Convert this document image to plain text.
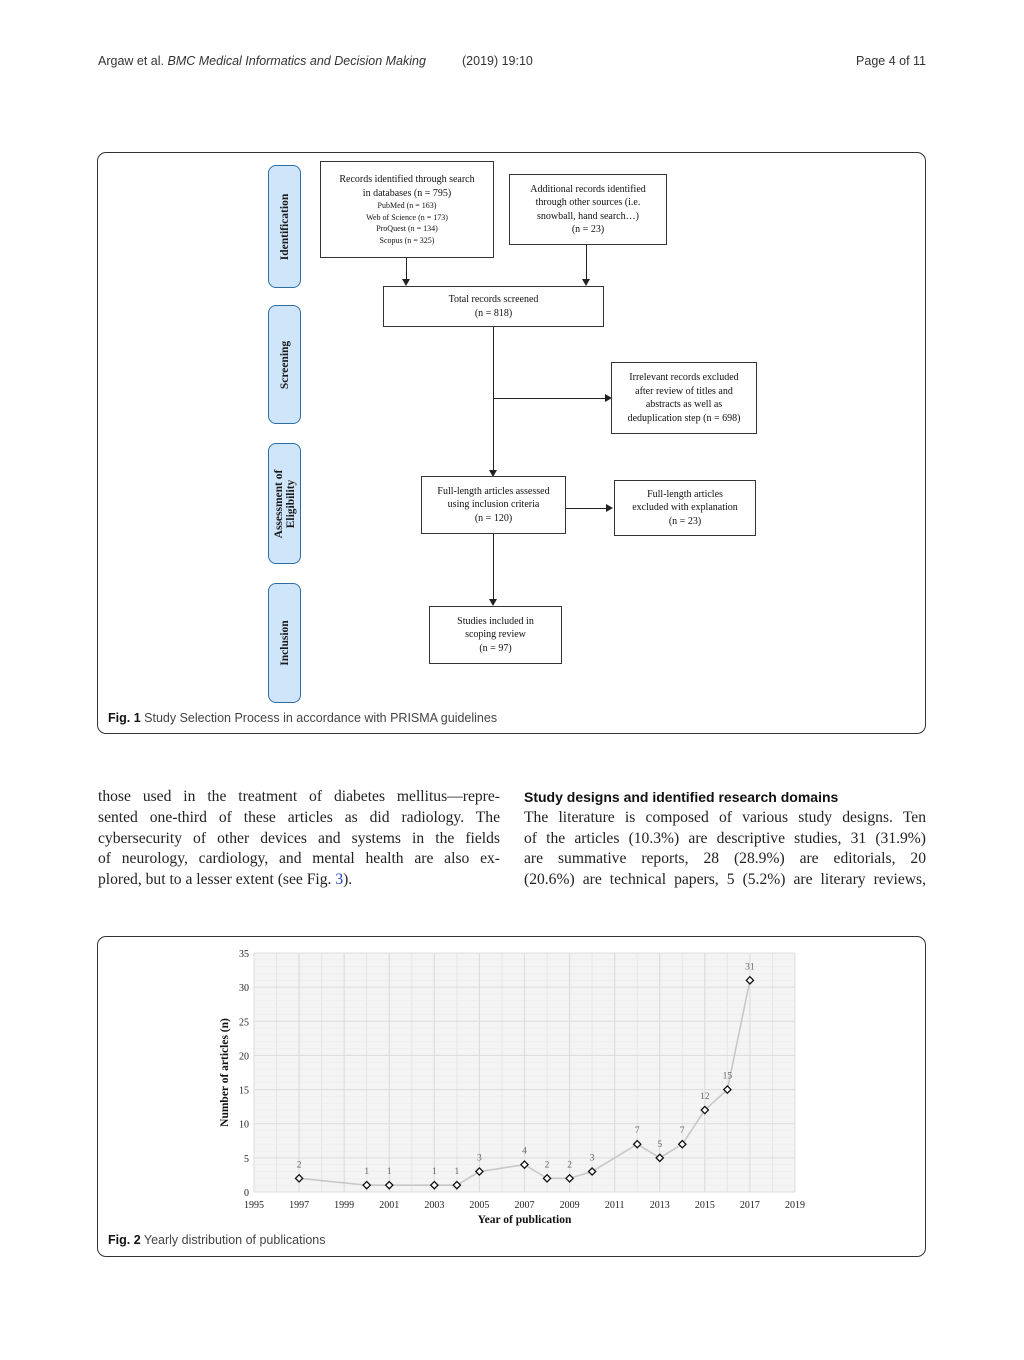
Argaw et al. BMC Medical Informatics and Decision Making	(2019) 19:10	Page 4 of 11
Identification
Screening
Assessment of Eligibility
Inclusion
Records identified through search
in databases (n = 795)
PubMed (n = 163)
Web of Science (n = 173)
ProQuest (n = 134)
Scopus (n = 325)
Additional records identified
through other sources (i.e.
snowball, hand search…)
(n = 23)
Total records screened
(n = 818)
Irrelevant records excluded
after review of titles and
abstracts as well as
deduplication step (n = 698)
Full-length articles assessed
using inclusion criteria
(n = 120)
Full-length articles
excluded with explanation
(n = 23)
Studies included in
scoping review
(n = 97)
Fig. 1 Study Selection Process in accordance with PRISMA guidelines
those used in the treatment of diabetes mellitus—repre-
sented one-third of these articles as did radiology. The
cybersecurity of other devices and systems in the fields
of neurology, cardiology, and mental health are also ex-
plored, but to a lesser extent (see Fig. 3).
Study designs and identified research domains
The literature is composed of various study designs. Ten
of the articles (10.3%) are descriptive studies, 31 (31.9%)
are summative reports, 28 (28.9%) are editorials, 20
(20.6%) are technical papers, 5 (5.2%) are literary reviews,
0
5
10
15
20
25
30
35
1995	1997	1999	2001	2003	2005	2007	2009	2011	2013	2015	2017	2019
Year of publication
Number of articles (n)
2
1 1	1 1
3
4
2 2
3
7
5
7
12
15
31
Fig. 2 Yearly distribution of publications
